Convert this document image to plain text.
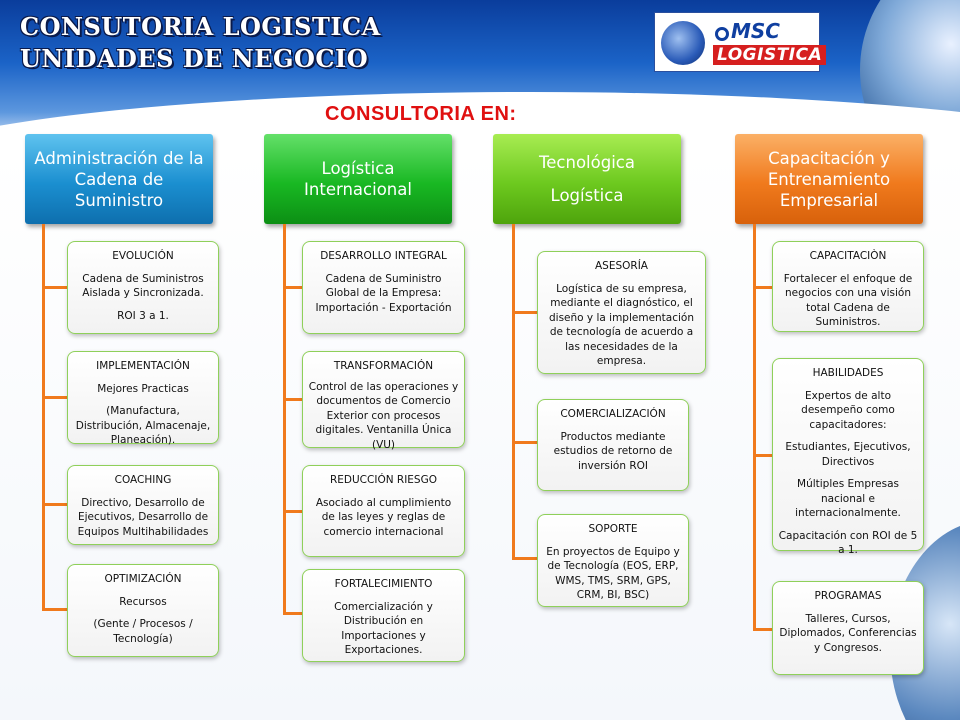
CONSUTORIA LOGISTICA
UNIDADES DE NEGOCIO
MSC
LOGISTICA
CONSULTORIA EN:
Administración de la Cadena de Suministro
Logística Internacional
Tecnológica
Logística
Capacitación y Entrenamiento Empresarial
EVOLUCIÓN
Cadena de Suministros Aislada y Sincronizada.
ROI 3 a 1.
IMPLEMENTACIÓN
Mejores Practicas
(Manufactura, Distribución, Almacenaje, Planeación).
COACHING
Directivo, Desarrollo de Ejecutivos, Desarrollo de Equipos Multihabilidades
OPTIMIZACIÓN
Recursos
(Gente / Procesos / Tecnología)
DESARROLLO INTEGRAL
Cadena de Suministro Global de la Empresa: Importación - Exportación
TRANSFORMACIÓN
Control de las operaciones y documentos de Comercio Exterior con procesos digitales. Ventanilla Única (VU)
REDUCCIÓN RIESGO
Asociado al cumplimiento de las leyes y reglas de comercio internacional
FORTALECIMIENTO
Comercialización y Distribución en Importaciones y Exportaciones.
ASESORÍA
Logística de su empresa, mediante el diagnóstico, el diseño y la implementación de tecnología de acuerdo a las necesidades de la empresa.
COMERCIALIZACIÓN
Productos mediante estudios de retorno de inversión ROI
SOPORTE
En proyectos de Equipo y de Tecnología (EOS, ERP, WMS, TMS, SRM, GPS, CRM, BI, BSC)
CAPACITACIÒN
Fortalecer el enfoque de negocios con una visión total Cadena de Suministros.
HABILIDADES
Expertos de alto desempeño como capacitadores:
Estudiantes, Ejecutivos, Directivos
Múltiples Empresas nacional e internacionalmente.
Capacitación con ROI de 5 a 1.
PROGRAMAS
Talleres, Cursos, Diplomados, Conferencias y Congresos.
